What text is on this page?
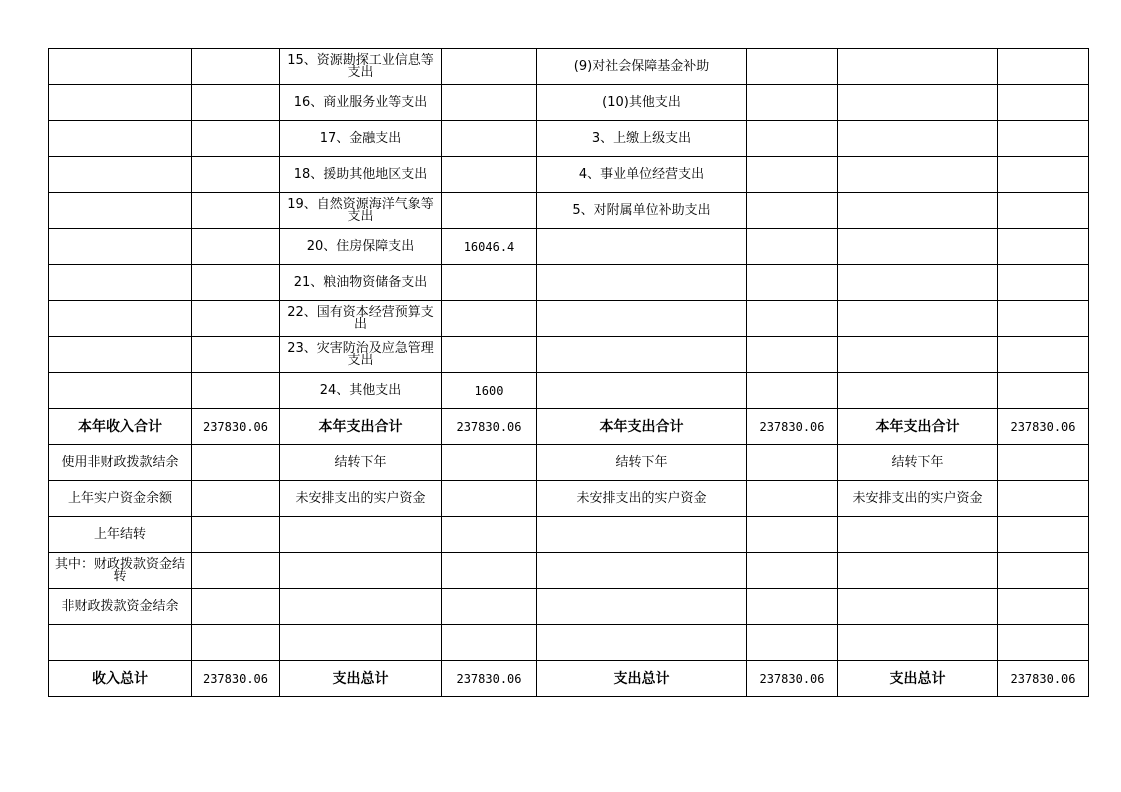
		15、资源勘探工业信息等支出		(9)对社会保障基金补助			
		16、商业服务业等支出		(10)其他支出			
		17、金融支出		3、上缴上级支出			
		18、援助其他地区支出		4、事业单位经营支出			
		19、自然资源海洋气象等支出		5、对附属单位补助支出			
		20、住房保障支出	16046.4				
		21、粮油物资储备支出					
		22、国有资本经营预算支出					
		23、灾害防治及应急管理支出					
		24、其他支出	1600				
本年收入合计	237830.06	本年支出合计	237830.06	本年支出合计	237830.06	本年支出合计	237830.06
使用非财政拨款结余		结转下年		结转下年		结转下年	
上年实户资金余额		未安排支出的实户资金		未安排支出的实户资金		未安排支出的实户资金	
上年结转							
其中：财政拨款资金结转							
非财政拨款资金结余							

收入总计	237830.06	支出总计	237830.06	支出总计	237830.06	支出总计	237830.06
